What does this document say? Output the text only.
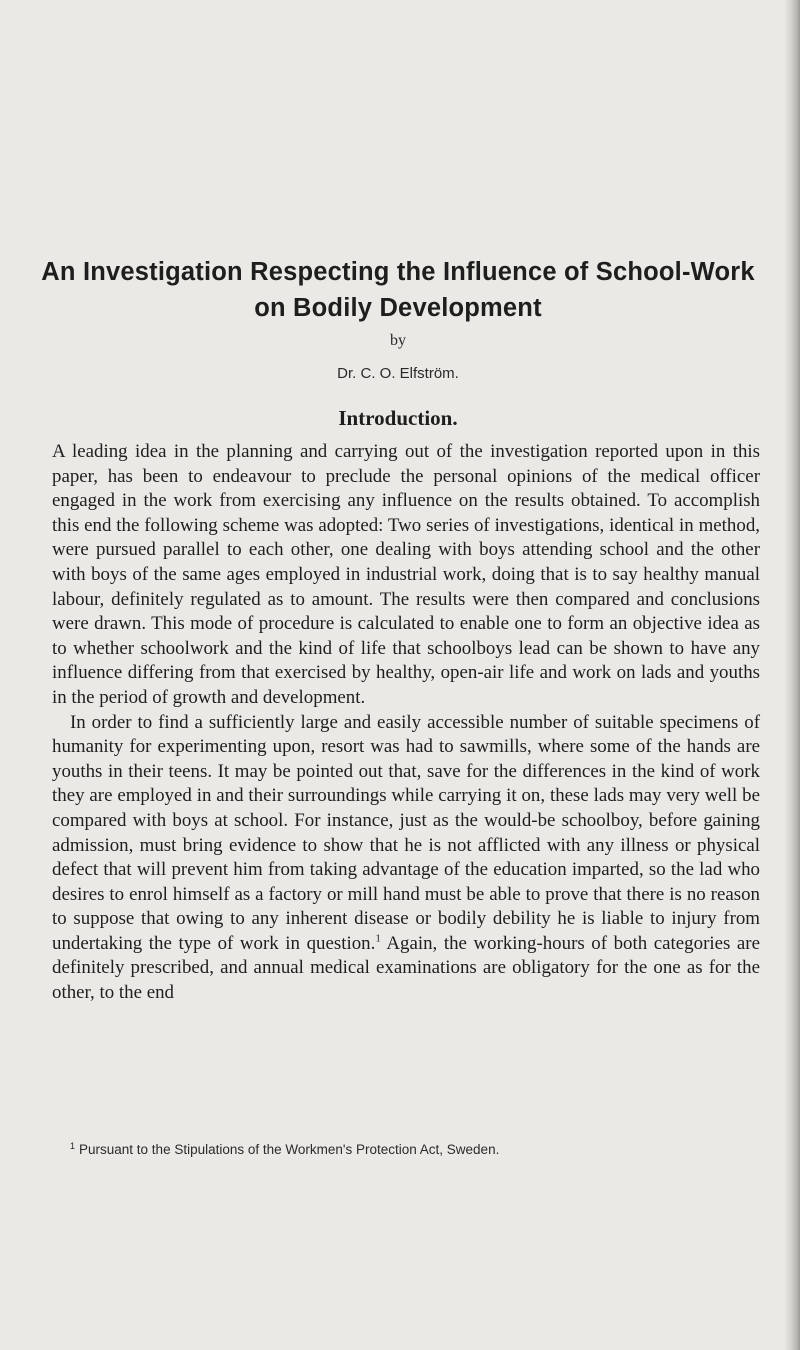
An Investigation Respecting the Influence of School-Work on Bodily Development
by
Dr. C. O. Elfström.
Introduction.

A leading idea in the planning and carrying out of the investigation reported upon in this paper, has been to endeavour to preclude the personal opinions of the medical officer engaged in the work from exercising any influence on the results obtained. To accomplish this end the following scheme was adopted: Two series of investigations, identical in method, were pursued parallel to each other, one dealing with boys attending school and the other with boys of the same ages employed in industrial work, doing that is to say healthy manual labour, definitely regulated as to amount. The results were then compared and conclusions were drawn. This mode of procedure is calculated to enable one to form an objective idea as to whether schoolwork and the kind of life that schoolboys lead can be shown to have any influence differing from that exercised by healthy, open-air life and work on lads and youths in the period of growth and development.

In order to find a sufficiently large and easily accessible number of suitable specimens of humanity for experimenting upon, resort was had to sawmills, where some of the hands are youths in their teens. It may be pointed out that, save for the differences in the kind of work they are employed in and their surroundings while carrying it on, these lads may very well be compared with boys at school. For instance, just as the would-be schoolboy, before gaining admission, must bring evidence to show that he is not afflicted with any illness or physical defect that will prevent him from taking advantage of the education imparted, so the lad who desires to enrol himself as a factory or mill hand must be able to prove that there is no reason to suppose that owing to any inherent disease or bodily debility he is liable to injury from undertaking the type of work in question.$^1$ Again, the working-hours of both categories are definitely prescribed, and annual medical examinations are obligatory for the one as for the other, to the end

$^1$ Pursuant to the Stipulations of the Workmen's Protection Act, Sweden.
